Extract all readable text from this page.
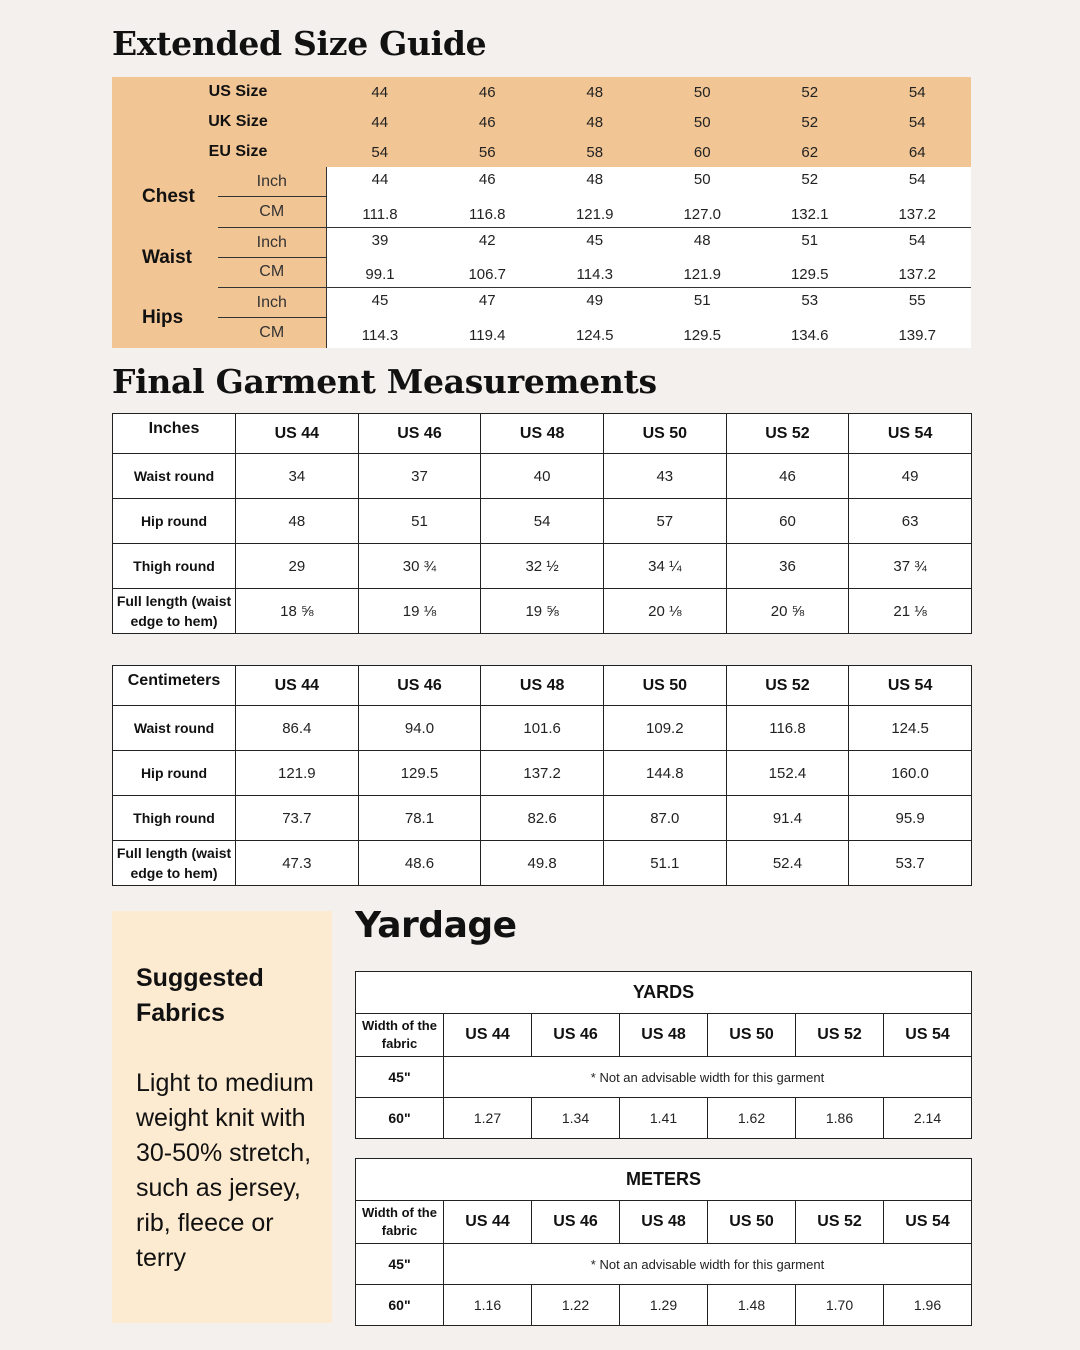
Extended Size Guide
US Size		44	46	48	50	52	54
UK Size		44	46	48	50	52	54
EU Size		54	56	58	60	62	64
Chest	Inch	44	46	48	50	52	54
	CM	111.8	116.8	121.9	127.0	132.1	137.2
Waist	Inch	39	42	45	48	51	54
	CM	99.1	106.7	114.3	121.9	129.5	137.2
Hips	Inch	45	47	49	51	53	55
	CM	114.3	119.4	124.5	129.5	134.6	139.7
Final Garment Measurements
Inches	US 44	US 46	US 48	US 50	US 52	US 54
Waist round	34	37	40	43	46	49
Hip round	48	51	54	57	60	63
Thigh round	29	30 ¾	32 ½	34 ¼	36	37 ¾
Full length (waist edge to hem)	18 ⅝	19 ⅛	19 ⅝	20 ⅛	20 ⅝	21 ⅛
Centimeters	US 44	US 46	US 48	US 50	US 52	US 54
Waist round	86.4	94.0	101.6	109.2	116.8	124.5
Hip round	121.9	129.5	137.2	144.8	152.4	160.0
Thigh round	73.7	78.1	82.6	87.0	91.4	95.9
Full length (waist edge to hem)	47.3	48.6	49.8	51.1	52.4	53.7
Suggested Fabrics
Light to medium weight knit with 30-50% stretch, such as jersey, rib, fleece or terry
Yardage
YARDS						
Width of the fabric	US 44	US 46	US 48	US 50	US 52	US 54
45"	* Not an advisable width for this garment					
60"	1.27	1.34	1.41	1.62	1.86	2.14
METERS						
Width of the fabric	US 44	US 46	US 48	US 50	US 52	US 54
45"	* Not an advisable width for this garment					
60"	1.16	1.22	1.29	1.48	1.70	1.96
